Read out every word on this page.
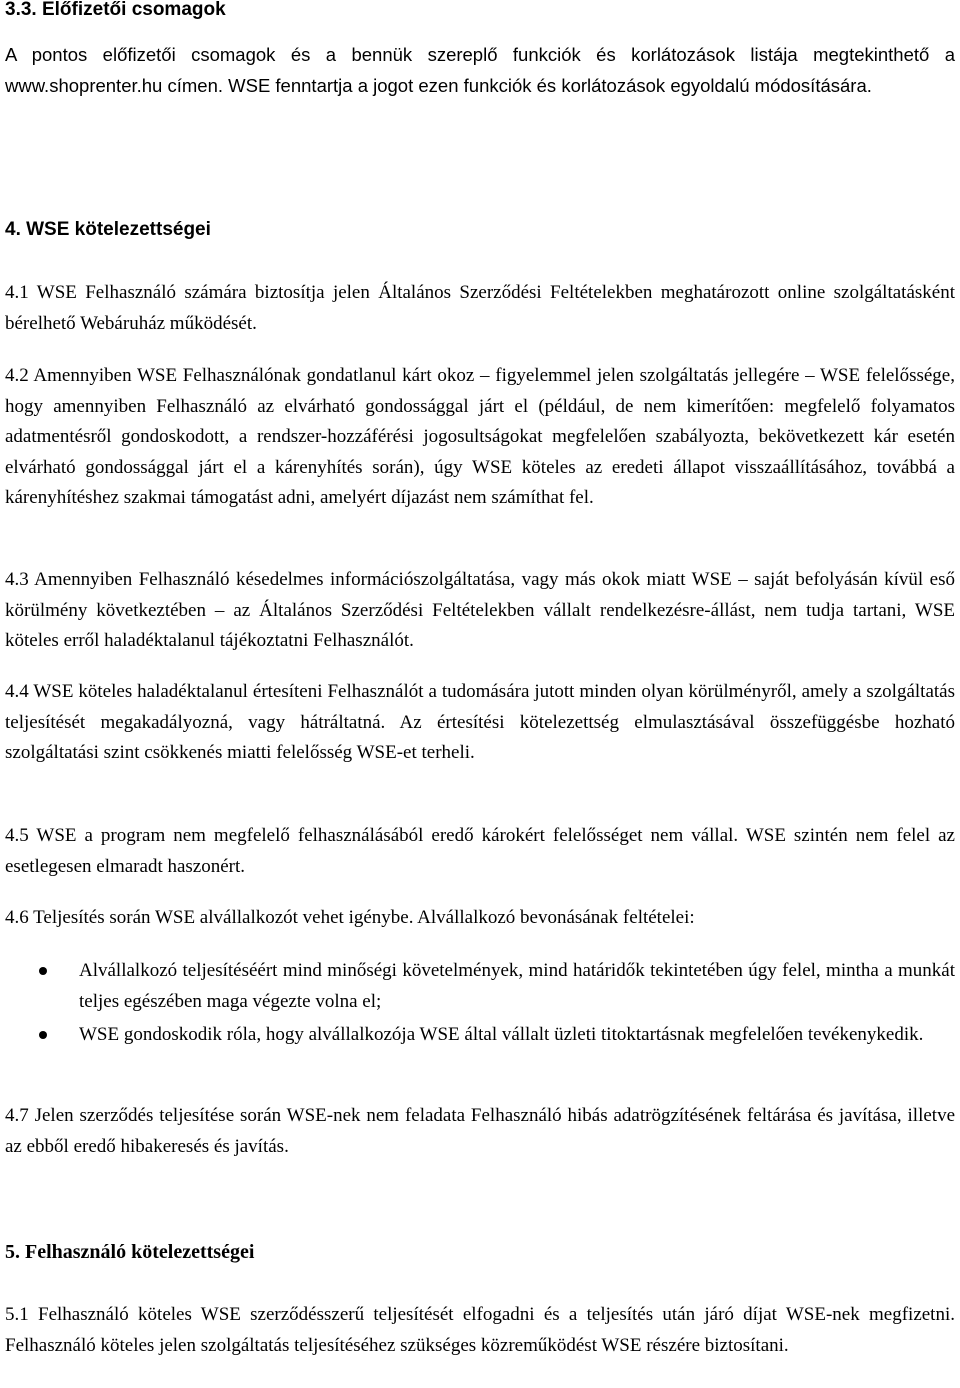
3.3. Előfizetői csomagok

A pontos előfizetői csomagok és a bennük szereplő funkciók és korlátozások listája megtekinthető a www.shoprenter.hu címen. WSE fenntartja a jogot ezen funkciók és korlátozások egyoldalú módosítására.

4. WSE kötelezettségei

4.1 WSE Felhasználó számára biztosítja jelen Általános Szerződési Feltételekben meghatározott online szolgáltatásként bérelhető Webáruház működését.

4.2 Amennyiben WSE Felhasználónak gondatlanul kárt okoz – figyelemmel jelen szolgáltatás jellegére – WSE felelőssége, hogy amennyiben Felhasználó az elvárható gondossággal járt el (például, de nem kimerítően: megfelelő folyamatos adatmentésről gondoskodott, a rendszer-hozzáférési jogosultságokat megfelelően szabályozta, bekövetkezett kár esetén elvárható gondossággal járt el a kárenyhítés során), úgy WSE köteles az eredeti állapot visszaállításához, továbbá a kárenyhítéshez szakmai támogatást adni, amelyért díjazást nem számíthat fel.

4.3 Amennyiben Felhasználó késedelmes információszolgáltatása, vagy más okok miatt WSE – saját befolyásán kívül eső körülmény következtében – az Általános Szerződési Feltételekben vállalt rendelkezésre-állást, nem tudja tartani, WSE köteles erről haladéktalanul tájékoztatni Felhasználót.

4.4 WSE köteles haladéktalanul értesíteni Felhasználót a tudomására jutott minden olyan körülményről, amely a szolgáltatás teljesítését megakadályozná, vagy hátráltatná. Az értesítési kötelezettség elmulasztásával összefüggésbe hozható szolgáltatási szint csökkenés miatti felelősség WSE-et terheli.

4.5 WSE a program nem megfelelő felhasználásából eredő károkért felelősséget nem vállal. WSE szintén nem felel az esetlegesen elmaradt haszonért.

4.6 Teljesítés során WSE alvállalkozót vehet igénybe. Alvállalkozó bevonásának feltételei:

Alvállalkozó teljesítéséért mind minőségi követelmények, mind határidők tekintetében úgy felel, mintha a munkát teljes egészében maga végezte volna el;
WSE gondoskodik róla, hogy alvállalkozója WSE által vállalt üzleti titoktartásnak megfelelően tevékenykedik.

4.7 Jelen szerződés teljesítése során WSE-nek nem feladata Felhasználó hibás adatrögzítésének feltárása és javítása, illetve az ebből eredő hibakeresés és javítás.

5. Felhasználó kötelezettségei

5.1 Felhasználó köteles WSE szerződésszerű teljesítését elfogadni és a teljesítés után járó díjat WSE-nek megfizetni. Felhasználó köteles jelen szolgáltatás teljesítéséhez szükséges közreműködést WSE részére biztosítani.
